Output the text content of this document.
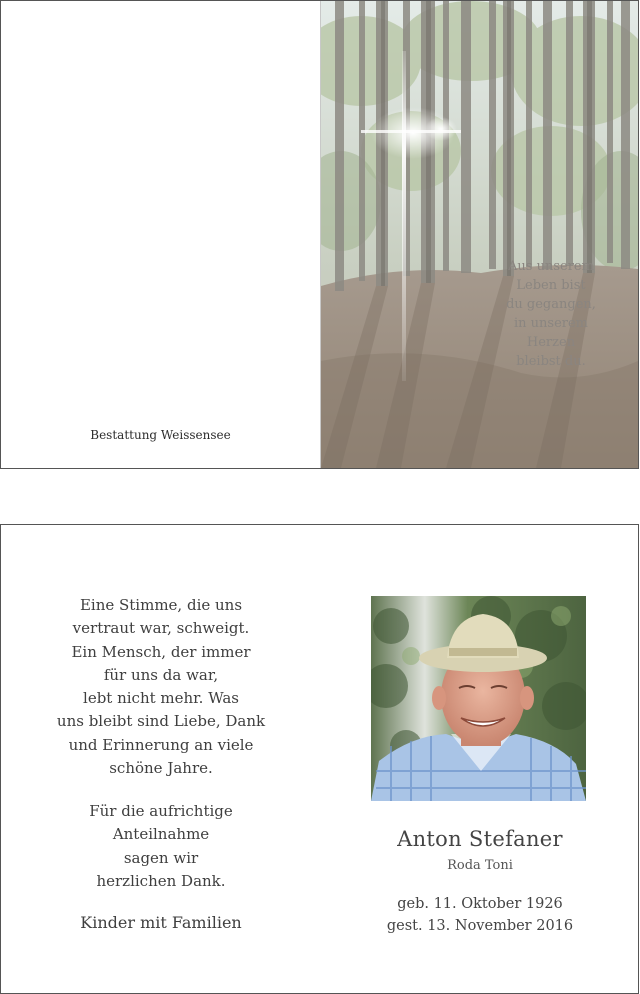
Bestattung Weissensee
Aus unserem
Leben bist
du gegangen,
in unserem
Herzen
bleibst du.
Eine Stimme, die uns
vertraut war, schweigt.
Ein Mensch, der immer
für uns da war,
lebt nicht mehr. Was
uns bleibt sind Liebe, Dank
und Erinnerung an viele
schöne Jahre.
Für die aufrichtige
Anteilnahme
sagen wir
herzlichen Dank.
Kinder mit Familien
Anton Stefaner
Roda Toni
geb. 11. Oktober 1926
gest. 13. November 2016
